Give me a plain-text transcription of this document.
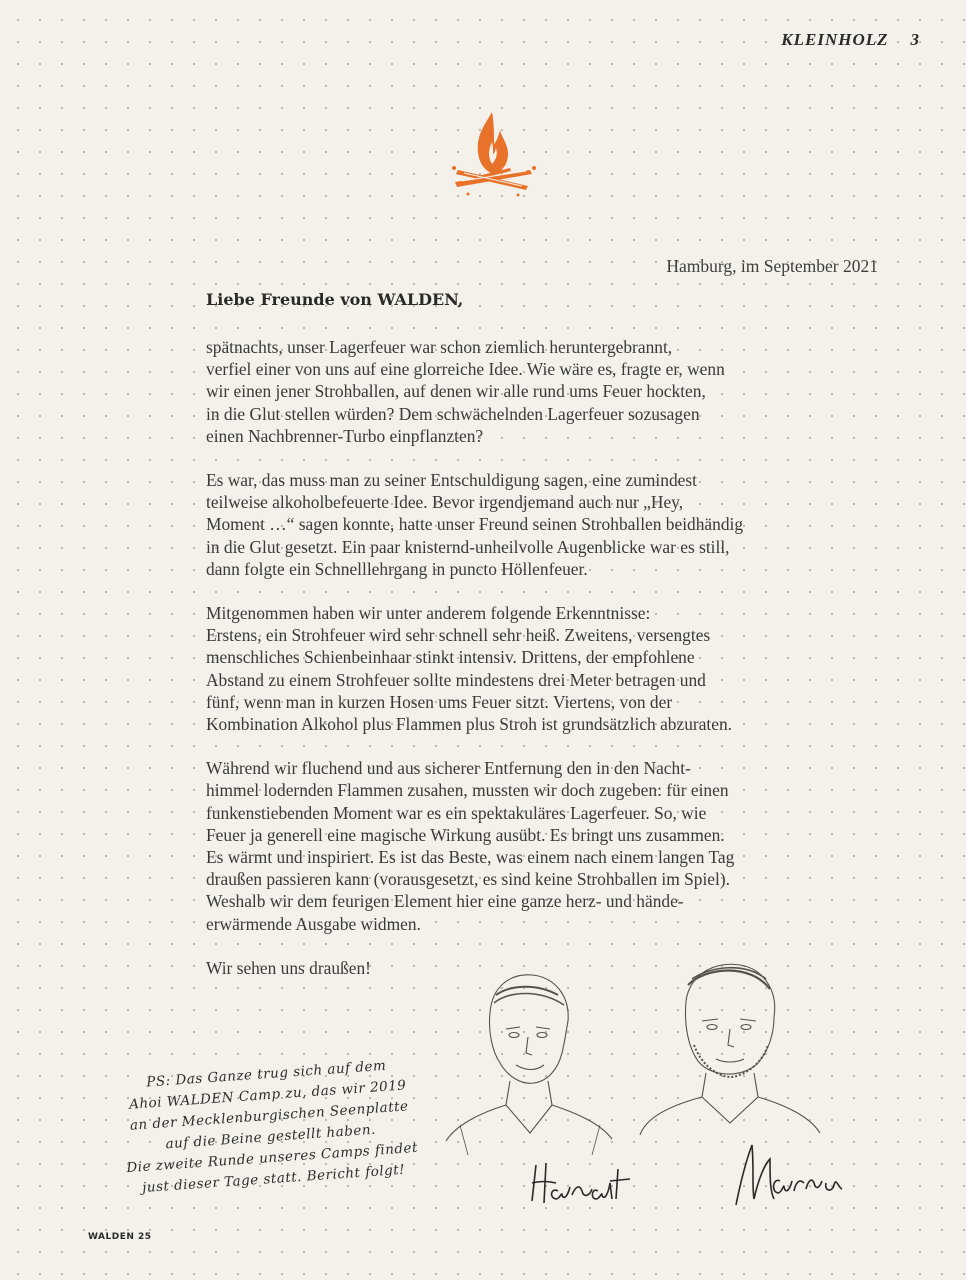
KLEINHOLZ 3
Hamburg, im September 2021
Liebe Freunde von WALDEN,

spätnachts, unser Lagerfeuer war schon ziemlich heruntergebrannt,
verfiel einer von uns auf eine glorreiche Idee. Wie wäre es, fragte er, wenn
wir einen jener Strohballen, auf denen wir alle rund ums Feuer hockten,
in die Glut stellen würden? Dem schwächelnden Lagerfeuer sozusagen
einen Nachbrenner-Turbo einpflanzten?

Es war, das muss man zu seiner Entschuldigung sagen, eine zumindest
teilweise alkoholbefeuerte Idee. Bevor irgendjemand auch nur „Hey,
Moment …“ sagen konnte, hatte unser Freund seinen Strohballen beidhändig
in die Glut gesetzt. Ein paar knisternd-unheilvolle Augenblicke war es still,
dann folgte ein Schnelllehrgang in puncto Höllenfeuer.

Mitgenommen haben wir unter anderem folgende Erkenntnisse:
Erstens, ein Strohfeuer wird sehr schnell sehr heiß. Zweitens, versengtes
menschliches Schienbeinhaar stinkt intensiv. Drittens, der empfohlene
Abstand zu einem Strohfeuer sollte mindestens drei Meter betragen und
fünf, wenn man in kurzen Hosen ums Feuer sitzt. Viertens, von der
Kombination Alkohol plus Flammen plus Stroh ist grundsätzlich abzuraten.

Während wir fluchend und aus sicherer Entfernung den in den Nacht-
himmel lodernden Flammen zusahen, mussten wir doch zugeben: für einen
funkenstiebenden Moment war es ein spektakuläres Lagerfeuer. So, wie
Feuer ja generell eine magische Wirkung ausübt. Es bringt uns zusammen.
Es wärmt und inspiriert. Es ist das Beste, was einem nach einem langen Tag
draußen passieren kann (vorausgesetzt, es sind keine Strohballen im Spiel).
Weshalb wir dem feurigen Element hier eine ganze herz- und hände-
erwärmende Ausgabe widmen.

Wir sehen uns draußen!

PS: Das Ganze trug sich auf dem
Ahoi WALDEN Camp zu, das wir 2019
an der Mecklenburgischen Seenplatte
auf die Beine gestellt haben.
Die zweite Runde unseres Camps findet
just dieser Tage statt. Bericht folgt!
WALDEN 25
